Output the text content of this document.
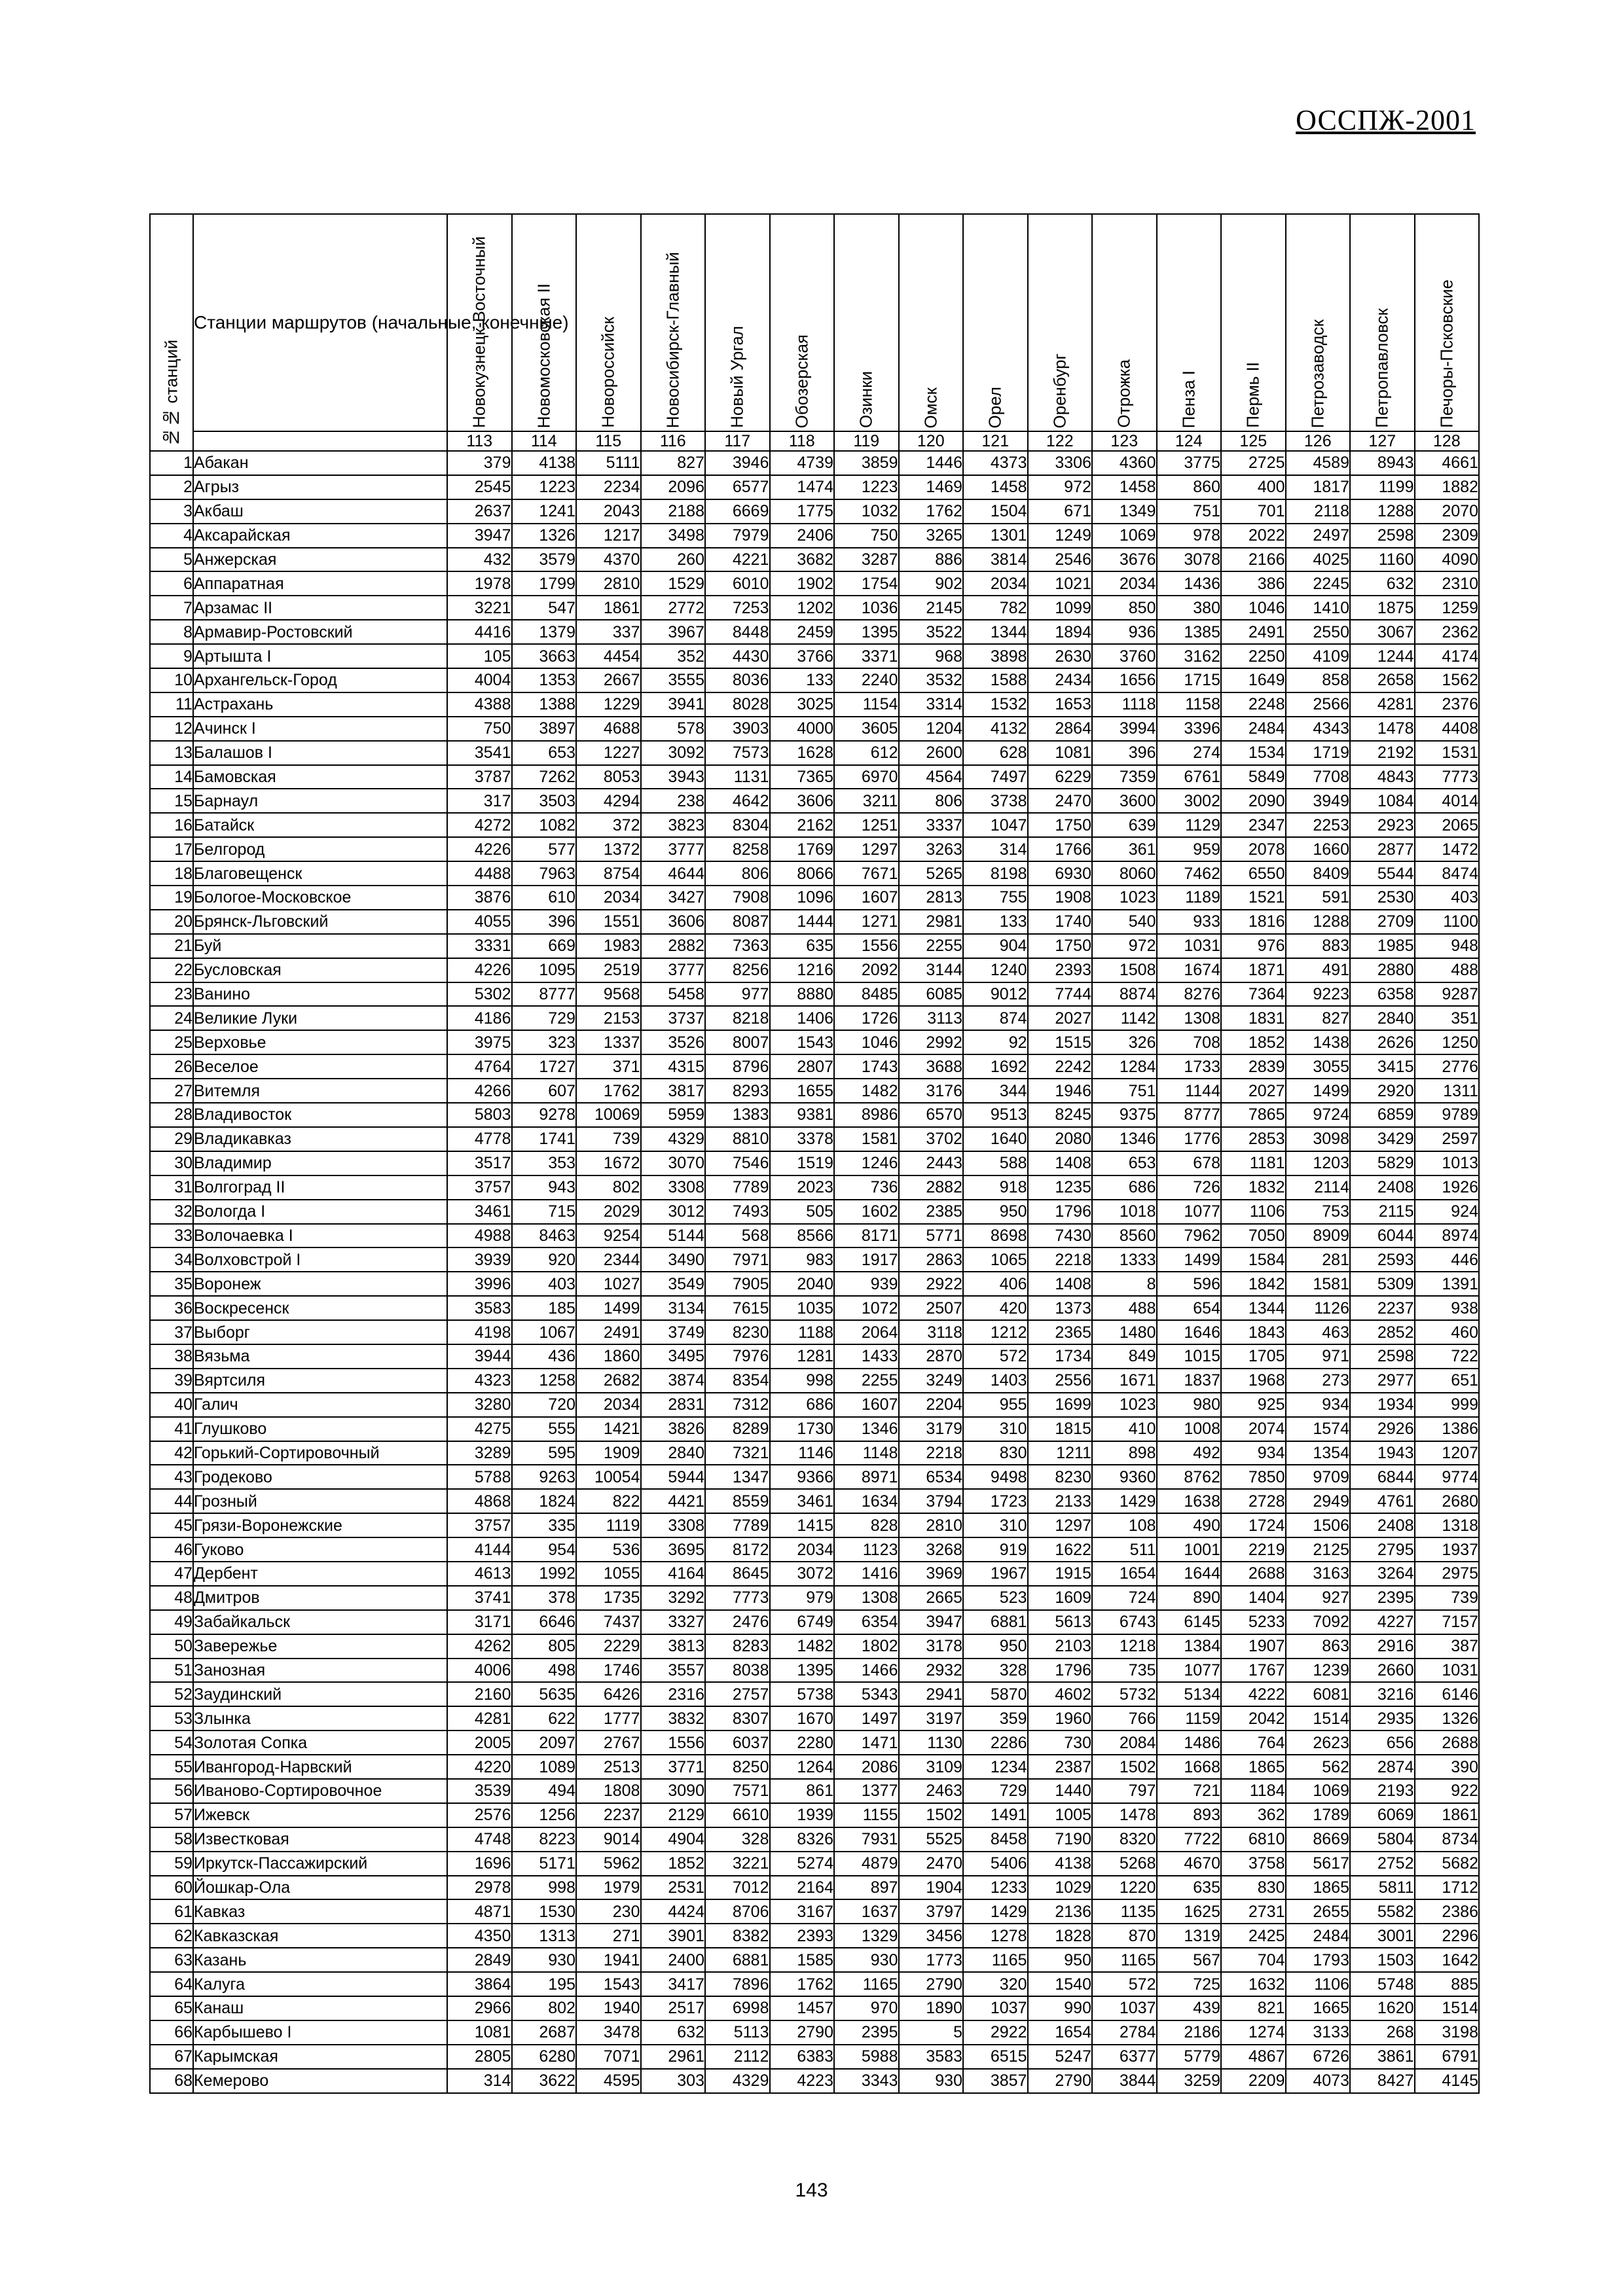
ОССПЖ-2001
№№ станций	Станции маршрутов (начальные, конечные)	Новокузнецк-Восточный	Новомосковская II	Новороссийск	Новосибирск-Главный	Новый Ургал	Обозерская	Озинки	Омск	Орел	Оренбург	Отрожка	Пенза I	Пермь II	Петрозаводск	Петропавловск	Печоры-Псковские

		113	114	115	116	117	118	119	120	121	122	123	124	125	126	127	128
1	Абакан	379	4138	5111	827	3946	4739	3859	1446	4373	3306	4360	3775	2725	4589	8943	4661
2	Агрыз	2545	1223	2234	2096	6577	1474	1223	1469	1458	972	1458	860	400	1817	1199	1882
3	Акбаш	2637	1241	2043	2188	6669	1775	1032	1762	1504	671	1349	751	701	2118	1288	2070
4	Аксарайская	3947	1326	1217	3498	7979	2406	750	3265	1301	1249	1069	978	2022	2497	2598	2309
5	Анжерская	432	3579	4370	260	4221	3682	3287	886	3814	2546	3676	3078	2166	4025	1160	4090
6	Аппаратная	1978	1799	2810	1529	6010	1902	1754	902	2034	1021	2034	1436	386	2245	632	2310
7	Арзамас II	3221	547	1861	2772	7253	1202	1036	2145	782	1099	850	380	1046	1410	1875	1259
8	Армавир-Ростовский	4416	1379	337	3967	8448	2459	1395	3522	1344	1894	936	1385	2491	2550	3067	2362
9	Артышта I	105	3663	4454	352	4430	3766	3371	968	3898	2630	3760	3162	2250	4109	1244	4174
10	Архангельск-Город	4004	1353	2667	3555	8036	133	2240	3532	1588	2434	1656	1715	1649	858	2658	1562
11	Астрахань	4388	1388	1229	3941	8028	3025	1154	3314	1532	1653	1118	1158	2248	2566	4281	2376
12	Ачинск I	750	3897	4688	578	3903	4000	3605	1204	4132	2864	3994	3396	2484	4343	1478	4408
13	Балашов I	3541	653	1227	3092	7573	1628	612	2600	628	1081	396	274	1534	1719	2192	1531
14	Бамовская	3787	7262	8053	3943	1131	7365	6970	4564	7497	6229	7359	6761	5849	7708	4843	7773
15	Барнаул	317	3503	4294	238	4642	3606	3211	806	3738	2470	3600	3002	2090	3949	1084	4014
16	Батайск	4272	1082	372	3823	8304	2162	1251	3337	1047	1750	639	1129	2347	2253	2923	2065
17	Белгород	4226	577	1372	3777	8258	1769	1297	3263	314	1766	361	959	2078	1660	2877	1472
18	Благовещенск	4488	7963	8754	4644	806	8066	7671	5265	8198	6930	8060	7462	6550	8409	5544	8474
19	Бологое-Московское	3876	610	2034	3427	7908	1096	1607	2813	755	1908	1023	1189	1521	591	2530	403
20	Брянск-Льговский	4055	396	1551	3606	8087	1444	1271	2981	133	1740	540	933	1816	1288	2709	1100
21	Буй	3331	669	1983	2882	7363	635	1556	2255	904	1750	972	1031	976	883	1985	948
22	Бусловская	4226	1095	2519	3777	8256	1216	2092	3144	1240	2393	1508	1674	1871	491	2880	488
23	Ванино	5302	8777	9568	5458	977	8880	8485	6085	9012	7744	8874	8276	7364	9223	6358	9287
24	Великие Луки	4186	729	2153	3737	8218	1406	1726	3113	874	2027	1142	1308	1831	827	2840	351
25	Верховье	3975	323	1337	3526	8007	1543	1046	2992	92	1515	326	708	1852	1438	2626	1250
26	Веселое	4764	1727	371	4315	8796	2807	1743	3688	1692	2242	1284	1733	2839	3055	3415	2776
27	Витемля	4266	607	1762	3817	8293	1655	1482	3176	344	1946	751	1144	2027	1499	2920	1311
28	Владивосток	5803	9278	10069	5959	1383	9381	8986	6570	9513	8245	9375	8777	7865	9724	6859	9789
29	Владикавказ	4778	1741	739	4329	8810	3378	1581	3702	1640	2080	1346	1776	2853	3098	3429	2597
30	Владимир	3517	353	1672	3070	7546	1519	1246	2443	588	1408	653	678	1181	1203	5829	1013
31	Волгоград II	3757	943	802	3308	7789	2023	736	2882	918	1235	686	726	1832	2114	2408	1926
32	Вологда I	3461	715	2029	3012	7493	505	1602	2385	950	1796	1018	1077	1106	753	2115	924
33	Волочаевка I	4988	8463	9254	5144	568	8566	8171	5771	8698	7430	8560	7962	7050	8909	6044	8974
34	Волховстрой I	3939	920	2344	3490	7971	983	1917	2863	1065	2218	1333	1499	1584	281	2593	446
35	Воронеж	3996	403	1027	3549	7905	2040	939	2922	406	1408	8	596	1842	1581	5309	1391
36	Воскресенск	3583	185	1499	3134	7615	1035	1072	2507	420	1373	488	654	1344	1126	2237	938
37	Выборг	4198	1067	2491	3749	8230	1188	2064	3118	1212	2365	1480	1646	1843	463	2852	460
38	Вязьма	3944	436	1860	3495	7976	1281	1433	2870	572	1734	849	1015	1705	971	2598	722
39	Вяртсиля	4323	1258	2682	3874	8354	998	2255	3249	1403	2556	1671	1837	1968	273	2977	651
40	Галич	3280	720	2034	2831	7312	686	1607	2204	955	1699	1023	980	925	934	1934	999
41	Глушково	4275	555	1421	3826	8289	1730	1346	3179	310	1815	410	1008	2074	1574	2926	1386
42	Горький-Сортировочный	3289	595	1909	2840	7321	1146	1148	2218	830	1211	898	492	934	1354	1943	1207
43	Гродеково	5788	9263	10054	5944	1347	9366	8971	6534	9498	8230	9360	8762	7850	9709	6844	9774
44	Грозный	4868	1824	822	4421	8559	3461	1634	3794	1723	2133	1429	1638	2728	2949	4761	2680
45	Грязи-Воронежские	3757	335	1119	3308	7789	1415	828	2810	310	1297	108	490	1724	1506	2408	1318
46	Гуково	4144	954	536	3695	8172	2034	1123	3268	919	1622	511	1001	2219	2125	2795	1937
47	Дербент	4613	1992	1055	4164	8645	3072	1416	3969	1967	1915	1654	1644	2688	3163	3264	2975
48	Дмитров	3741	378	1735	3292	7773	979	1308	2665	523	1609	724	890	1404	927	2395	739
49	Забайкальск	3171	6646	7437	3327	2476	6749	6354	3947	6881	5613	6743	6145	5233	7092	4227	7157
50	Заверeжье	4262	805	2229	3813	8283	1482	1802	3178	950	2103	1218	1384	1907	863	2916	387
51	Занозная	4006	498	1746	3557	8038	1395	1466	2932	328	1796	735	1077	1767	1239	2660	1031
52	Заудинский	2160	5635	6426	2316	2757	5738	5343	2941	5870	4602	5732	5134	4222	6081	3216	6146
53	Злынка	4281	622	1777	3832	8307	1670	1497	3197	359	1960	766	1159	2042	1514	2935	1326
54	Золотая Сопка	2005	2097	2767	1556	6037	2280	1471	1130	2286	730	2084	1486	764	2623	656	2688
55	Ивангород-Нарвский	4220	1089	2513	3771	8250	1264	2086	3109	1234	2387	1502	1668	1865	562	2874	390
56	Иваново-Сортировочное	3539	494	1808	3090	7571	861	1377	2463	729	1440	797	721	1184	1069	2193	922
57	Ижевск	2576	1256	2237	2129	6610	1939	1155	1502	1491	1005	1478	893	362	1789	6069	1861
58	Известковая	4748	8223	9014	4904	328	8326	7931	5525	8458	7190	8320	7722	6810	8669	5804	8734
59	Иркутск-Пассажирский	1696	5171	5962	1852	3221	5274	4879	2470	5406	4138	5268	4670	3758	5617	2752	5682
60	Йошкар-Ола	2978	998	1979	2531	7012	2164	897	1904	1233	1029	1220	635	830	1865	5811	1712
61	Кавказ	4871	1530	230	4424	8706	3167	1637	3797	1429	2136	1135	1625	2731	2655	5582	2386
62	Кавказская	4350	1313	271	3901	8382	2393	1329	3456	1278	1828	870	1319	2425	2484	3001	2296
63	Казань	2849	930	1941	2400	6881	1585	930	1773	1165	950	1165	567	704	1793	1503	1642
64	Калуга	3864	195	1543	3417	7896	1762	1165	2790	320	1540	572	725	1632	1106	5748	885
65	Канаш	2966	802	1940	2517	6998	1457	970	1890	1037	990	1037	439	821	1665	1620	1514
66	Карбышево I	1081	2687	3478	632	5113	2790	2395	5	2922	1654	2784	2186	1274	3133	268	3198
67	Карымская	2805	6280	7071	2961	2112	6383	5988	3583	6515	5247	6377	5779	4867	6726	3861	6791
68	Кемерово	314	3622	4595	303	4329	4223	3343	930	3857	2790	3844	3259	2209	4073	8427	4145
143
